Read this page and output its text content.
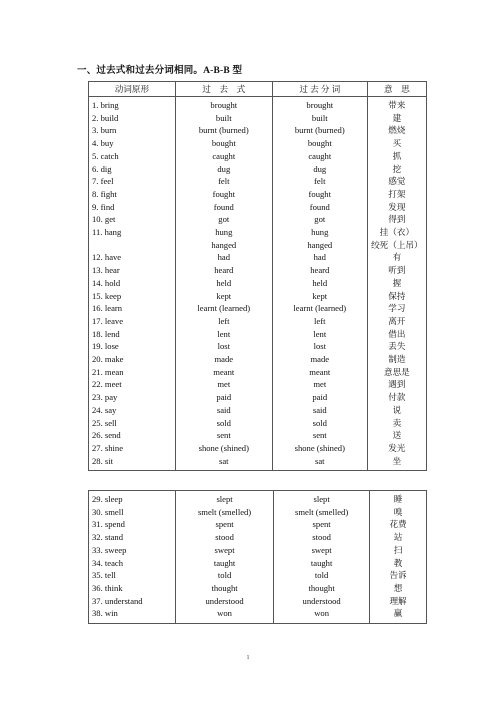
一、过去式和过去分词相同。A-B-B 型
动词原形	过　去　式	过 去 分 词	意　思
1. bring	brought	brought	带来
2. build	built	built	建
3. burn	burnt (burned)	burnt (burned)	燃烧
4. buy	bought	bought	买
5. catch	caught	caught	抓
6. dig	dug	dug	挖
7. feel	felt	felt	感觉
8. fight	fought	fought	打架
9. find	found	found	发现
10. get	got	got	得到
11. hang	hung	hung	挂（衣）
	hanged	hanged	绞死（上吊）
12. have	had	had	有
13. hear	heard	heard	听到
14. hold	held	held	握
15. keep	kept	kept	保持
16. learn	learnt (learned)	learnt (learned)	学习
17. leave	left	left	离开
18. lend	lent	lent	借出
19. lose	lost	lost	丢失
20. make	made	made	制造
21. mean	meant	meant	意思是
22. meet	met	met	遇到
23. pay	paid	paid	付款
24. say	said	said	说
25. sell	sold	sold	卖
26. send	sent	sent	送
27. shine	shone (shined)	shone (shined)	发光
28. sit	sat	sat	坐
29. sleep	slept	slept	睡
30. smell	smelt (smelled)	smelt (smelled)	嗅
31. spend	spent	spent	花费
32. stand	stood	stood	站
33. sweep	swept	swept	扫
34. teach	taught	taught	教
35. tell	told	told	告诉
36. think	thought	thought	想
37. understand	understood	understood	理解
38. win	won	won	赢
1
